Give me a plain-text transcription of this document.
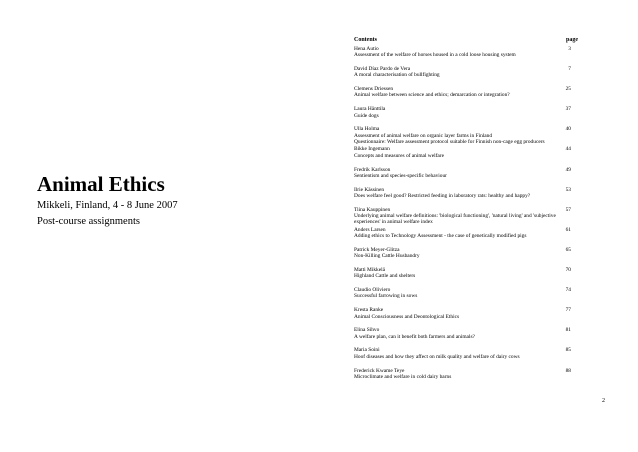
Animal Ethics
Mikkeli, Finland, 4 - 8 June 2007
Post-course assignments
Contents	page
Hena Autio
Assessment of the welfare of horses housed in a cold loose housing system
3
David Díaz Pardo de Vera
A moral characterisation of bullfighting
7
Clemens Driessen
Animal welfare between science and ethics; demarcation or integration?
25
Laura Hänttila
Guide dogs
37
Ulla Holma
Assessment of animal welfare on organic layer farms in Finland
Questionnaire: Welfare assessment protocol suitable for Finnish non-cage egg producers
40
Bikke Ingemann
Concepts and measures of animal welfare
44
Fredrik Karlsson
Sentientism and species-specific behaviour
49
Ilrie Kässinen
Does welfare feel good? Restricted feeding in laboratory rats: healthy and happy?
53
Tiina Kauppinen
Underlying animal welfare definitions: 'biological functioning', 'natural living' and 'subjective
experiences' in animal welfare index
57
Anders Larsen
Adding ethics to Technology Assessment - the case of genetically modified pigs
61
Patrick Meyer-Glitza
Non-Killing Cattle Husbandry
65
Matti Mikkelä
Highland Cattle and shelters
70
Claudio Oliviero
Successful farrowing in sows
74
Kresta Ranke
Animal Consciousness and Deontological Ethics
77
Elina Sihvo
A welfare plan, can it benefit both farmers and animals?
81
Maria Soini
Hoof diseases and how they affect on milk quality and welfare of dairy cows
85
Frederick Kwame Teye
Microclimate and welfare in cold dairy barns
88
2
